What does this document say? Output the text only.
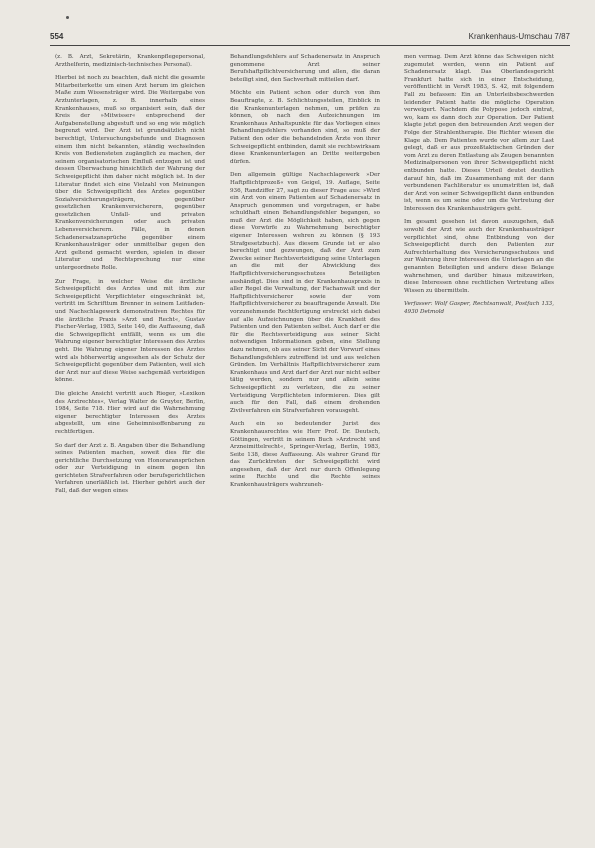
554	Krankenhaus-Umschau 7/87

(z. B. Arzt, Sekretärin, Krankenpflegepersonal, Arzthelferin, medizinisch-technisches Personal).

Hierbei ist noch zu beachten, daß nicht die gesamte Mitarbeiterkette um einen Arzt herum im gleichen Maße zum Wissensträger wird. Die Weitergabe von Arztunterlagen, z. B. innerhalb eines Krankenhauses, muß so organisiert sein, daß der Kreis der »Mitwisser« entsprechend der Aufgabenstellung abgestuft und so eng wie möglich begrenzt wird. Der Arzt ist grundsätzlich nicht berechtigt, Untersuchungsbefunde und Diagnosen einem ihm nicht bekannten, ständig wechselnden Kreis von Bediensteten zugänglich zu machen, der seinem organisatorischen Einfluß entzogen ist und dessen Überwachung hinsichtlich der Wahrung der Schweigepflicht ihm daher nicht möglich ist. In der Literatur findet sich eine Vielzahl von Meinungen über die Schweigepflicht des Arztes gegenüber Sozialversicherungsträgern, gegenüber gesetzlichen Krankenversicherern, gegenüber gesetzlichen Unfall- und privaten Krankenversicherungen oder auch privaten Lebensversicherern. Fälle, in denen Schadenersatzansprüche gegenüber einem Krankenhausträger oder unmittelbar gegen den Arzt geltend gemacht werden, spielen in dieser Literatur und Rechtsprechung nur eine untergeordnete Rolle.

Zur Frage, in welcher Weise die ärztliche Schweigepflicht des Arztes und mit ihm zur Schweigepflicht Verpflichteter eingeschränkt ist, vertritt im Schrifttum Brenner in seinem Leitfaden- und Nachschlagewerk demonstrativen Rechtes für die ärztliche Praxis »Arzt und Recht«, Gustav Fischer-Verlag, 1983, Seite 140, die Auffassung, daß die Schweigepflicht entfällt, wenn es um die Wahrung eigener berechtigter Interessen des Arztes geht. Die Wahrung eigener Interessen des Arztes wird als höherwertig angesehen als der Schutz der Schweigepflicht gegenüber dem Patienten, weil sich der Arzt nur auf diese Weise sachgemäß verteidigen könne.

Die gleiche Ansicht vertritt auch Rieger, »Lexikon des Arztrechtes«, Verlag Walter de Gruyter, Berlin, 1984, Seite 718. Hier wird auf die Wahrnehmung eigener berechtigter Interessen des Arztes abgestellt, um eine Geheimnisoffenbarung zu rechtfertigen.

So darf der Arzt z. B. Angaben über die Behandlung seines Patienten machen, soweit dies für die gerichtliche Durchsetzung von Honoraransprüchen oder zur Verteidigung in einem gegen ihn gerichteten Strafverfahren oder berufsgerichtlichen Verfahren unerläßlich ist. Hierher gehört auch der Fall, daß der wegen eines

Behandlungsfehlers auf Schadenersatz in Anspruch genommene Arzt seiner Berufshaftpflichtversicherung und allen, die daran beteiligt sind, den Sachverhalt mitteilen darf.

Möchte ein Patient schon oder durch von ihm Beauftragte, z. B. Schlichtungsstellen, Einblick in die Krankenunterlagen nehmen, um prüfen zu können, ob nach den Aufzeichnungen im Krankenhaus Anhaltspunkte für das Vorliegen eines Behandlungsfehlers vorhanden sind, so muß der Patient den oder die behandelnden Ärzte von ihrer Schweigepflicht entbinden, damit sie rechtswirksam diese Krankenunterlagen an Dritte weitergeben dürfen.

Den allgemein gültige Nachschlagewerk »Der Haftpflichtprozeß« von Geigel, 19. Auflage, Seite 936, Randziffer 27, sagt zu dieser Frage aus: »Wird ein Arzt von einem Patienten auf Schadenersatz in Anspruch genommen und vorgetragen, er habe schuldhaft einen Behandlungsfehler begangen, so muß der Arzt die Möglichkeit haben, sich gegen diese Vorwürfe zu Wahrnehmung berechtigter eigener Interessen wehren zu können (§ 193 Strafgesetzbuch). Aus diesem Grunde ist er also berechtigt und gezwungen, daß der Arzt zum Zwecke seiner Rechtsverteidigung seine Unterlagen an die mit der Abwicklung des Haftpflichtversicherungsschutzes Beteiligten aushändigt. Dies sind in der Krankenhauspraxis in aller Regel die Verwaltung, der Fachanwalt und der Haftpflichtversicherer sowie der vom Haftpflichtversicherer zu beauftragende Anwalt. Die vorzunehmende Rechtfertigung erstreckt sich dabei auf alle Aufzeichnungen über die Krankheit des Patienten und den Patienten selbst. Auch darf er die für die Rechtsverteidigung aus seiner Sicht notwendigen Informationen geben, eine Stellung dazu nehmen, ob aus seiner Sicht der Vorwurf eines Behandlungsfehlers zutreffend ist und aus welchen Gründen. Im Verhältnis Haftpflichtversicherer zum Krankenhaus und Arzt darf der Arzt nur nicht selber tätig werden, sondern nur und allein seine Schweigepflicht zu verletzen, die zu seiner Verteidigung Verpflichteten informieren. Dies gilt auch für den Fall, daß einem drohenden Zivilverfahren ein Strafverfahren vorausgeht.

Auch ein so bedeutender Jurist des Krankenhausrechtes wie Herr Prof. Dr. Deutsch, Göttingen, vertritt in seinem Buch »Arztrecht und Arzneimittelrecht«, Springer-Verlag, Berlin, 1983, Seite 138, diese Auffassung. Als wahrer Grund für das Zurücktreten der Schweigepflicht wird angesehen, daß der Arzt nur durch Offenlegung seine Rechte und die Rechte seines Krankenhausträgers wahrzuneh-

men vermag. Dem Arzt könne das Schweigen nicht zugemutet werden, wenn ein Patient auf Schadenersatz klagt. Das Oberlandesgericht Frankfurt hatte sich in einer Entscheidung, veröffentlicht in VersR 1983, S. 42, mit folgendem Fall zu befassen: Ein an Unterleibsbeschwerden leidender Patient hatte die mögliche Operation verweigert. Nachdem die Polypose jedoch eintrat, wo, kam es dann doch zur Operation. Der Patient klagte jetzt gegen den betreuenden Arzt wegen der Folge der Strahlentherapie. Die Richter wiesen die Klage ab. Dem Patienten wurde vor allem zur Last gelegt, daß er aus prozeßtaktischen Gründen der vom Arzt zu deren Entlastung als Zeugen benannten Medizinalpersonen von ihrer Schweigepflicht nicht entbunden hatte. Dieses Urteil deutet deutlich darauf hin, daß im Zusammenhang mit der dann verbundenen Fachliteratur es unumstritten ist, daß der Arzt von seiner Schweigepflicht dann entbunden ist, wenn es um seine oder um die Vertretung der Interessen des Krankenhausträgers geht.

Im gesamt gesehen ist davon auszugehen, daß sowohl der Arzt wie auch der Krankenhausträger verpflichtet sind, ohne Entbindung von der Schweigepflicht durch den Patienten zur Aufrechterhaltung des Versicherungsschutzes und zur Wahrung ihrer Interessen die Unterlagen an die genannten Beteiligten und andere diese Belange wahrnehmen, und darüber hinaus mitzuwirken, diese Interessen ohne rechtlichen Vertretung alles Wissen zu übermitteln.

Verfasser: Wolf Gasper, Rechtsanwalt, Postfach 133, 4930 Detmold
